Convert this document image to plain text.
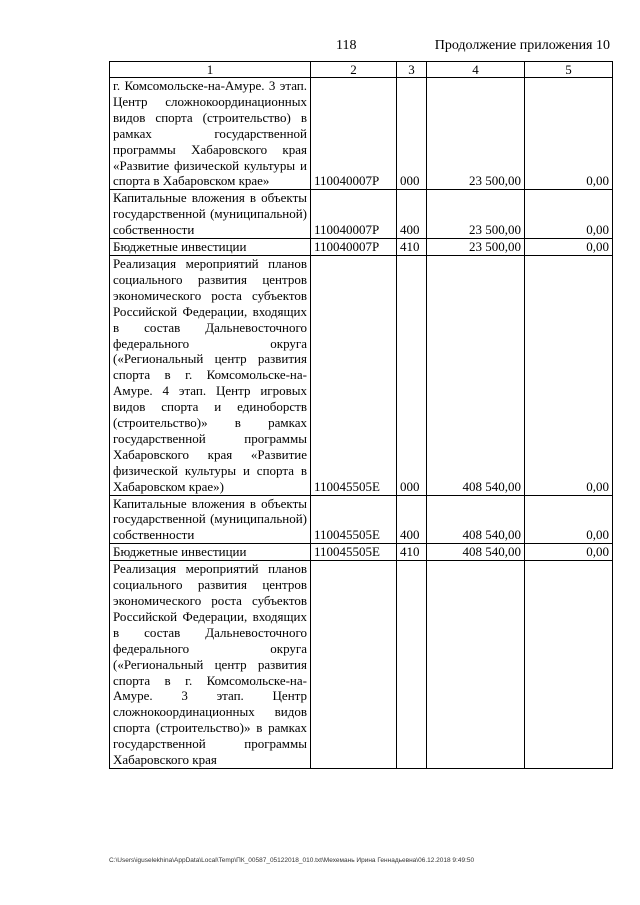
118	Продолжение приложения 10
1	2	3	4	5
г. Комсомольске-на-Амуре. 3 этап. Центр сложнокоординационных видов спорта (строительство) в рамках государственной программы Хабаровского края «Развитие физической культуры и спорта в Хабаровском крае»	110040007Р	000	23 500,00	0,00
Капитальные вложения в объекты государственной (муниципальной) собственности	110040007Р	400	23 500,00	0,00
Бюджетные инвестиции	110040007Р	410	23 500,00	0,00
Реализация мероприятий планов социального развития центров экономического роста субъектов Российской Федерации, входящих в состав Дальневосточного федерального округа («Региональный центр развития спорта в г. Комсомольске-на-Амуре. 4 этап. Центр игровых видов спорта и единоборств (строительство)» в рамках государственной программы Хабаровского края «Развитие физической культуры и спорта в Хабаровском крае»)	110045505Е	000	408 540,00	0,00
Капитальные вложения в объекты государственной (муниципальной) собственности	110045505Е	400	408 540,00	0,00
Бюджетные инвестиции	110045505Е	410	408 540,00	0,00
Реализация мероприятий планов социального развития центров экономического роста субъектов Российской Федерации, входящих в состав Дальневосточного федерального округа («Региональный центр развития спорта в г. Комсомольске-на-Амуре. 3 этап. Центр сложнокоординационных видов спорта (строительство)» в рамках государственной программы Хабаровского края				
C:\Users\iguselekhina\AppData\Local\Temp\ПК_00587_05122018_010.txt\Мехемань Ирина Геннадьевна\06.12.2018 9:49:50
